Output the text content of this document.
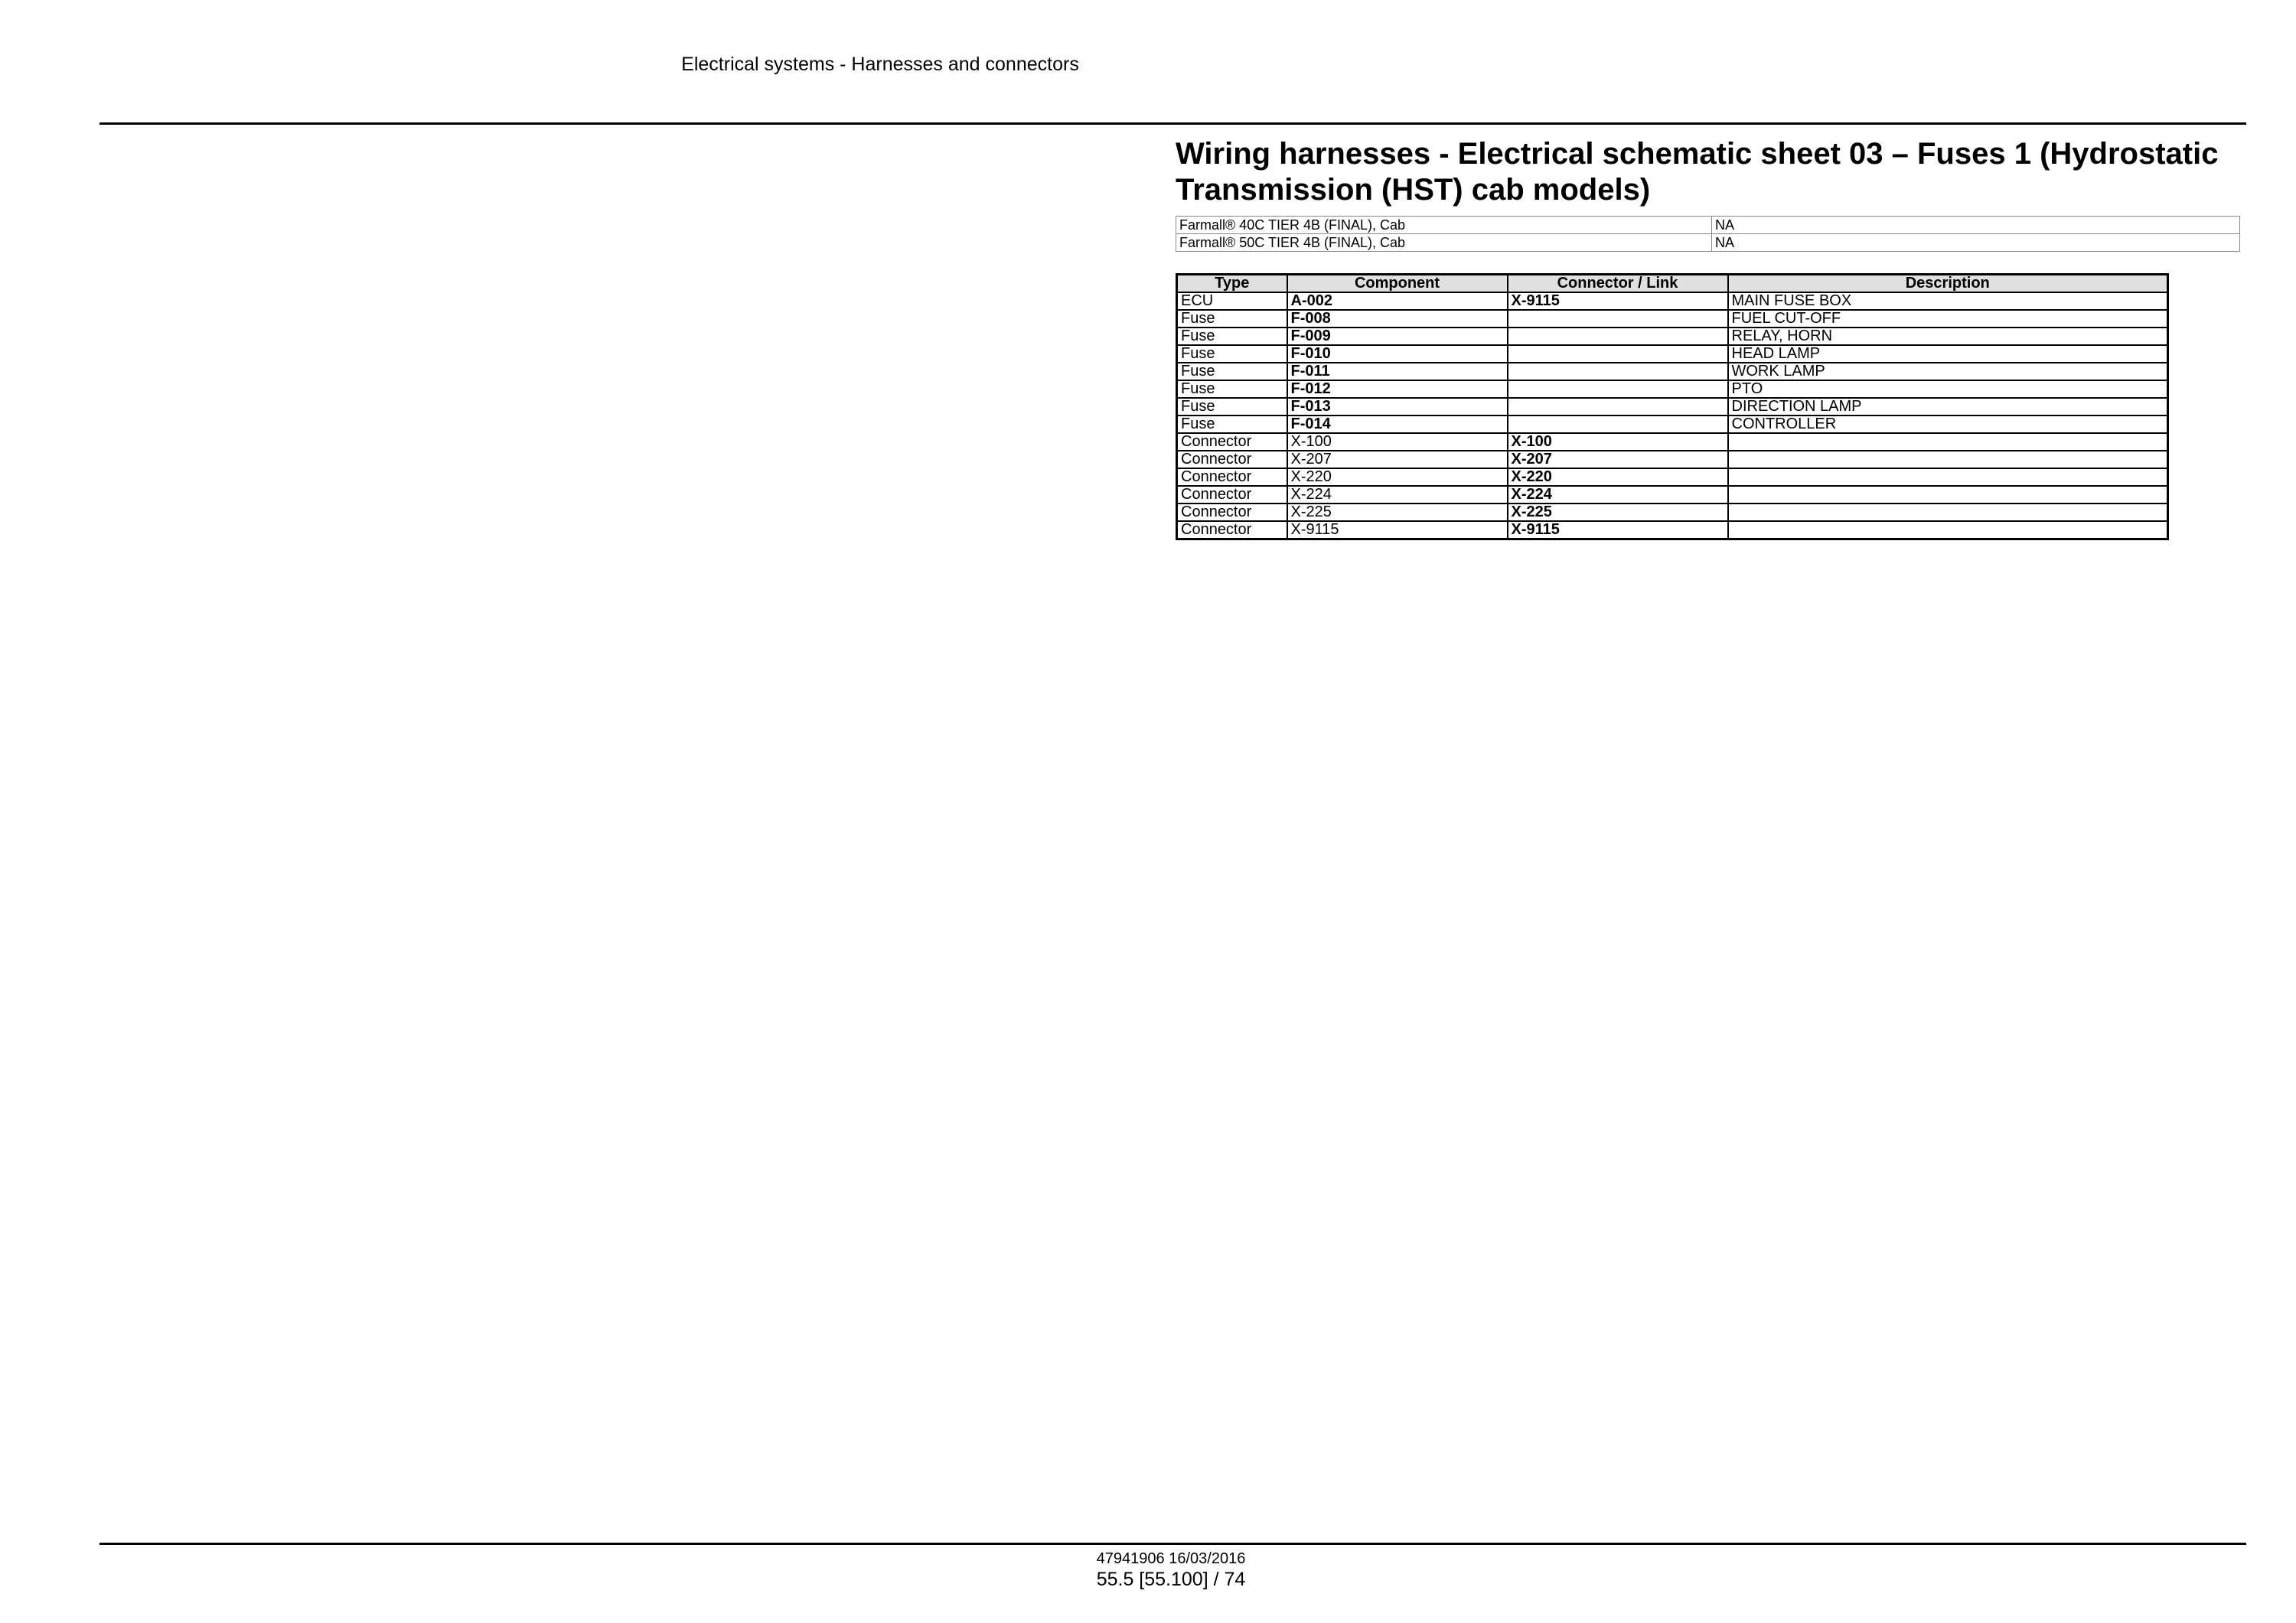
Electrical systems - Harnesses and connectors
Wiring harnesses - Electrical schematic sheet 03 – Fuses 1 (Hydrostatic Transmission (HST) cab models)
Farmall® 40C TIER 4B (FINAL), Cab	NA
Farmall® 50C TIER 4B (FINAL), Cab	NA
Type	Component	Connector / Link	Description
ECU	A-002	X-9115	MAIN FUSE BOX
Fuse	F-008		FUEL CUT-OFF
Fuse	F-009		RELAY, HORN
Fuse	F-010		HEAD LAMP
Fuse	F-011		WORK LAMP
Fuse	F-012		PTO
Fuse	F-013		DIRECTION LAMP
Fuse	F-014		CONTROLLER
Connector	X-100	X-100	
Connector	X-207	X-207	
Connector	X-220	X-220	
Connector	X-224	X-224	
Connector	X-225	X-225	
Connector	X-9115	X-9115	
47941906 16/03/2016
55.5 [55.100] / 74
